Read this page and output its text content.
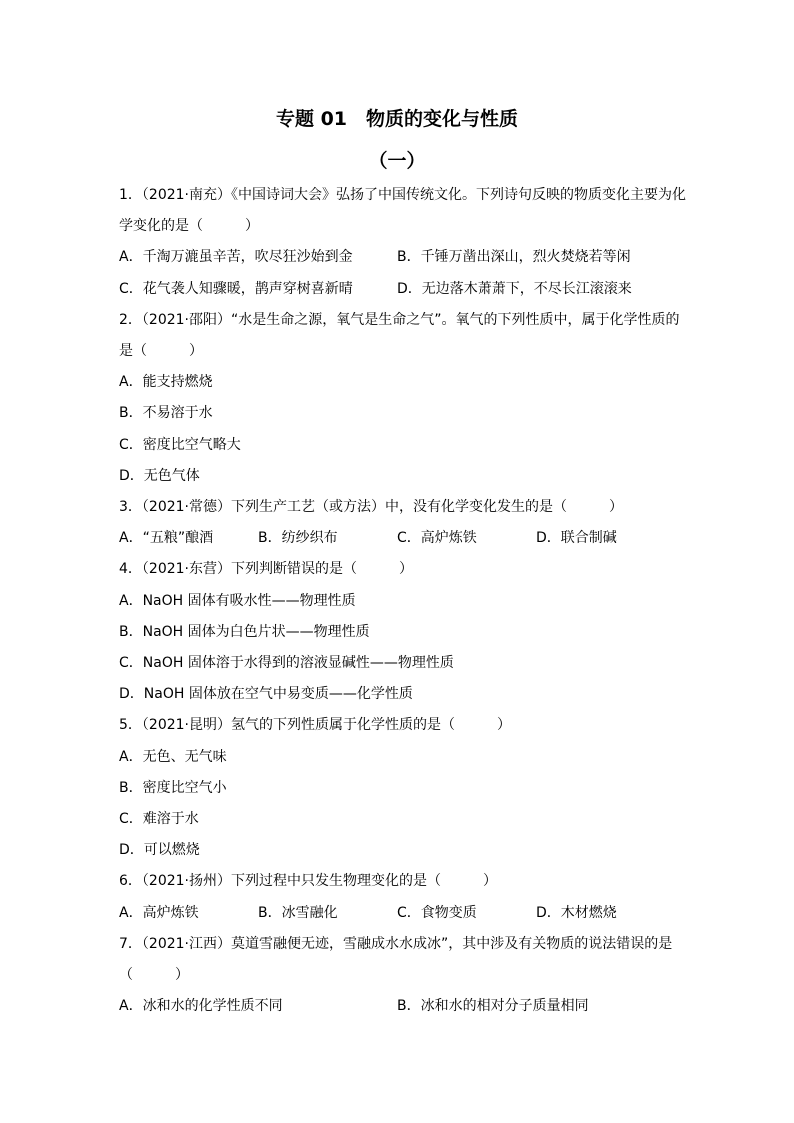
专题 01　物质的变化与性质
（一）
1．（2021·南充）《中国诗词大会》弘扬了中国传统文化。下列诗句反映的物质变化主要为化
学变化的是（　　　）
A．千淘万漉虽辛苦，吹尽狂沙始到金	B．千锤万凿出深山，烈火焚烧若等闲
C．花气袭人知骤暖，鹊声穿树喜新晴	D．无边落木萧萧下，不尽长江滚滚来
2．（2021·邵阳）“水是生命之源，氧气是生命之气”。氧气的下列性质中，属于化学性质的
是（　　　）
A．能支持燃烧
B．不易溶于水
C．密度比空气略大
D．无色气体
3．（2021·常德）下列生产工艺（或方法）中，没有化学变化发生的是（　　　）
A．“五粮”酿酒	B．纺纱织布	C．高炉炼铁	D．联合制碱
4．（2021·东营）下列判断错误的是（　　　）
A．NaOH 固体有吸水性——物理性质
B．NaOH 固体为白色片状——物理性质
C．NaOH 固体溶于水得到的溶液显碱性——物理性质
D．NaOH 固体放在空气中易变质——化学性质
5．（2021·昆明）氢气的下列性质属于化学性质的是（　　　）
A．无色、无气味
B．密度比空气小
C．难溶于水
D．可以燃烧
6．（2021·扬州）下列过程中只发生物理变化的是（　　　）
A．高炉炼铁	B．冰雪融化	C．食物变质	D．木材燃烧
7．（2021·江西）莫道雪融便无迹，雪融成水水成冰”，其中涉及有关物质的说法错误的是
（　　　）
A．冰和水的化学性质不同	B．冰和水的相对分子质量相同
